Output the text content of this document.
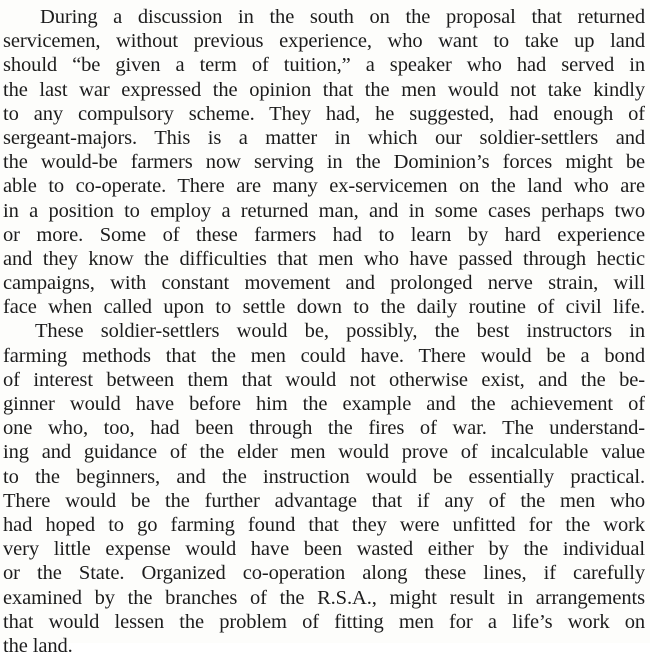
During a discussion in the south on the proposal that returned
servicemen, without previous experience, who want to take up land
should “be given a term of tuition,” a speaker who had served in
the last war expressed the opinion that the men would not take kindly
to any compulsory scheme. They had, he suggested, had enough of
sergeant-majors. This is a matter in which our soldier-settlers and
the would-be farmers now serving in the Dominion’s forces might be
able to co-operate. There are many ex-servicemen on the land who are
in a position to employ a returned man, and in some cases perhaps two
or more. Some of these farmers had to learn by hard experience
and they know the difficulties that men who have passed through hectic
campaigns, with constant movement and prolonged nerve strain, will
face when called upon to settle down to the daily routine of civil life.
These soldier-settlers would be, possibly, the best instructors in
farming methods that the men could have. There would be a bond
of interest between them that would not otherwise exist, and the be-
ginner would have before him the example and the achievement of
one who, too, had been through the fires of war. The understand-
ing and guidance of the elder men would prove of incalculable value
to the beginners, and the instruction would be essentially practical.
There would be the further advantage that if any of the men who
had hoped to go farming found that they were unfitted for the work
very little expense would have been wasted either by the individual
or the State. Organized co-operation along these lines, if carefully
examined by the branches of the R.S.A., might result in arrangements
that would lessen the problem of fitting men for a life’s work on
the land.
